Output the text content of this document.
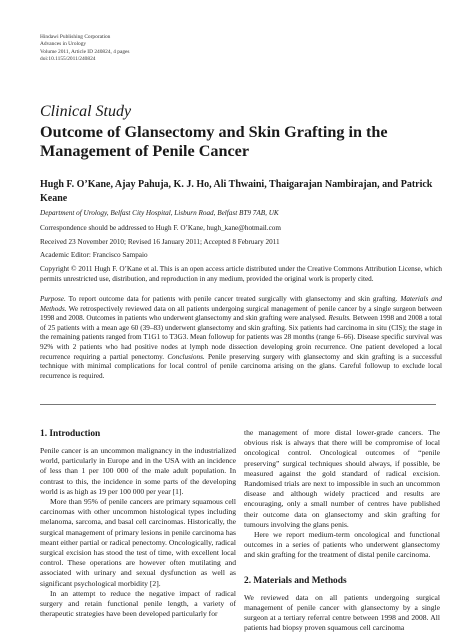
Hindawi Publishing Corporation
Advances in Urology
Volume 2011, Article ID 240824, 4 pages
doi:10.1155/2011/240824
Clinical Study
Outcome of Glansectomy and Skin Grafting in the Management of Penile Cancer
Hugh F. O’Kane, Ajay Pahuja, K. J. Ho, Ali Thwaini, Thaigarajan Nambirajan, and Patrick Keane
Department of Urology, Belfast City Hospital, Lisburn Road, Belfast BT9 7AB, UK
Correspondence should be addressed to Hugh F. O’Kane, hugh_kane@hotmail.com
Received 23 November 2010; Revised 16 January 2011; Accepted 8 February 2011
Academic Editor: Francisco Sampaio
Copyright © 2011 Hugh F. O’Kane et al. This is an open access article distributed under the Creative Commons Attribution License, which permits unrestricted use, distribution, and reproduction in any medium, provided the original work is properly cited.
Purpose. To report outcome data for patients with penile cancer treated surgically with glansectomy and skin grafting. Materials and Methods. We retrospectively reviewed data on all patients undergoing surgical management of penile cancer by a single surgeon between 1998 and 2008. Outcomes in patients who underwent glansectomy and skin grafting were analysed. Results. Between 1998 and 2008 a total of 25 patients with a mean age 60 (39–83) underwent glansectomy and skin grafting. Six patients had carcinoma in situ (CIS); the stage in the remaining patients ranged from T1G1 to T3G3. Mean followup for patients was 28 months (range 6–66). Disease specific survival was 92% with 2 patients who had positive nodes at lymph node dissection developing groin recurrence. One patient developed a local recurrence requiring a partial penectomy. Conclusions. Penile preserving surgery with glansectomy and skin grafting is a successful technique with minimal complications for local control of penile carcinoma arising on the glans. Careful followup to exclude local recurrence is required.
1. Introduction

Penile cancer is an uncommon malignancy in the industrialized world, particularly in Europe and in the USA with an incidence of less than 1 per 100 000 of the male adult population. In contrast to this, the incidence in some parts of the developing world is as high as 19 per 100 000 per year [1].

More than 95% of penile cancers are primary squamous cell carcinomas with other uncommon histological types including melanoma, sarcoma, and basal cell carcinomas. Historically, the surgical management of primary lesions in penile carcinoma has meant either partial or radical penectomy. Oncologically, radical surgical excision has stood the test of time, with excellent local control. These operations are however often mutilating and associated with urinary and sexual dysfunction as well as significant psychological morbidity [2].

In an attempt to reduce the negative impact of radical surgery and retain functional penile length, a variety of therapeutic strategies have been developed particularly for

the management of more distal lower-grade cancers. The obvious risk is always that there will be compromise of local oncological control. Oncological outcomes of “penile preserving” surgical techniques should always, if possible, be measured against the gold standard of radical excision. Randomised trials are next to impossible in such an uncommon disease and although widely practiced and results are encouraging, only a small number of centres have published their outcome data on glansectomy and skin grafting for tumours involving the glans penis.

Here we report medium-term oncological and functional outcomes in a series of patients who underwent glansectomy and skin grafting for the treatment of distal penile carcinoma.

2. Materials and Methods

We reviewed data on all patients undergoing surgical management of penile cancer with glansectomy by a single surgeon at a tertiary referral centre between 1998 and 2008. All patients had biopsy proven squamous cell carcinoma
